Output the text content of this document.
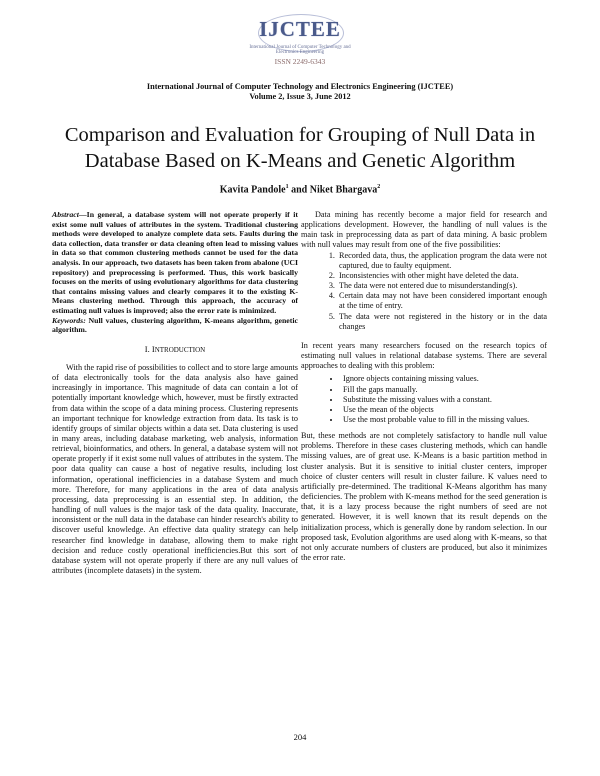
IJCTEE
International Journal of Computer Technology and Electronics Engineering
ISSN 2249-6343
International Journal of Computer Technology and Electronics Engineering (IJCTEE)
Volume 2, Issue 3, June 2012
Comparison and Evaluation for Grouping of Null Data in Database Based on K-Means and Genetic Algorithm
Kavita Pandole$^1$ and Niket Bhargava$^2$

Abstract—In general, a database system will not operate properly if it exist some null values of attributes in the system. Traditional clustering methods were developed to analyze complete data sets. Faults during the data collection, data transfer or data cleaning often lead to missing values in data so that common clustering methods cannot be used for the data analysis. In our approach, two datasets has been taken from abalone (UCI repository) and preprocessing is performed. Thus, this work basically focuses on the merits of using evolutionary algorithms for data clustering that contains missing values and clearly compares it to the existing K-Means clustering method. Through this approach, the accuracy of estimating null values is improved; also the error rate is minimized.

Keywords: Null values, clustering algorithm, K-means algorithm, genetic algorithm.

I. INTRODUCTION

With the rapid rise of possibilities to collect and to store large amounts of data electronically tools for the data analysis also have gained increasingly in importance. This magnitude of data can contain a lot of potentially important knowledge which, however, must be firstly extracted from data within the scope of a data mining process. Clustering represents an important technique for knowledge extraction from data. Its task is to identify groups of similar objects within a data set. Data clustering is used in many areas, including database marketing, web analysis, information retrieval, bioinformatics, and others. In general, a database system will not operate properly if it exist some null values of attributes in the system. The poor data quality can cause a host of negative results, including lost information, operational inefficiencies in a database System and much more. Therefore, for many applications in the area of data analysis processing, data preprocessing is an essential step. In addition, the handling of null values is the major task of the data quality. Inaccurate, inconsistent or the null data in the database can hinder research's ability to discover useful knowledge. An effective data quality strategy can help researcher find knowledge in database, allowing them to make right decision and reduce costly operational inefficiencies.But this sort of database system will not operate properly if there are any null values of attributes (incomplete datasets) in the system.

Data mining has recently become a major field for research and applications development. However, the handling of null values is the main task in preprocessing data as part of data mining. A basic problem with null values may result from one of the five possibilities:

1. Recorded data, thus, the application program the data were not captured, due to faulty equipment.
2. Inconsistencies with other might have deleted the data.
3. The data were not entered due to misunderstanding(s).
4. Certain data may not have been considered important enough at the time of entry.
5. The data were not registered in the history or in the data changes

In recent years many researchers focused on the research topics of estimating null values in relational database systems. There are several approaches to dealing with this problem:

• Ignore objects containing missing values.
• Fill the gaps manually.
• Substitute the missing values with a constant.
• Use the mean of the objects
• Use the most probable value to fill in the missing values.

But, these methods are not completely satisfactory to handle null value problems. Therefore in these cases clustering methods, which can handle missing values, are of great use. K-Means is a basic partition method in cluster analysis. But it is sensitive to initial cluster centers, improper choice of cluster centers will result in cluster failure. K values need to artificially pre-determined. The traditional K-Means algorithm has many deficiencies. The problem with K-means method for the seed generation is that, it is a lazy process because the right numbers of seed are not generated. However, it is well known that its result depends on the initialization process, which is generally done by random selection. In our proposed task, Evolution algorithms are used along with K-means, so that not only accurate numbers of clusters are produced, but also it minimizes the error rate.

204
